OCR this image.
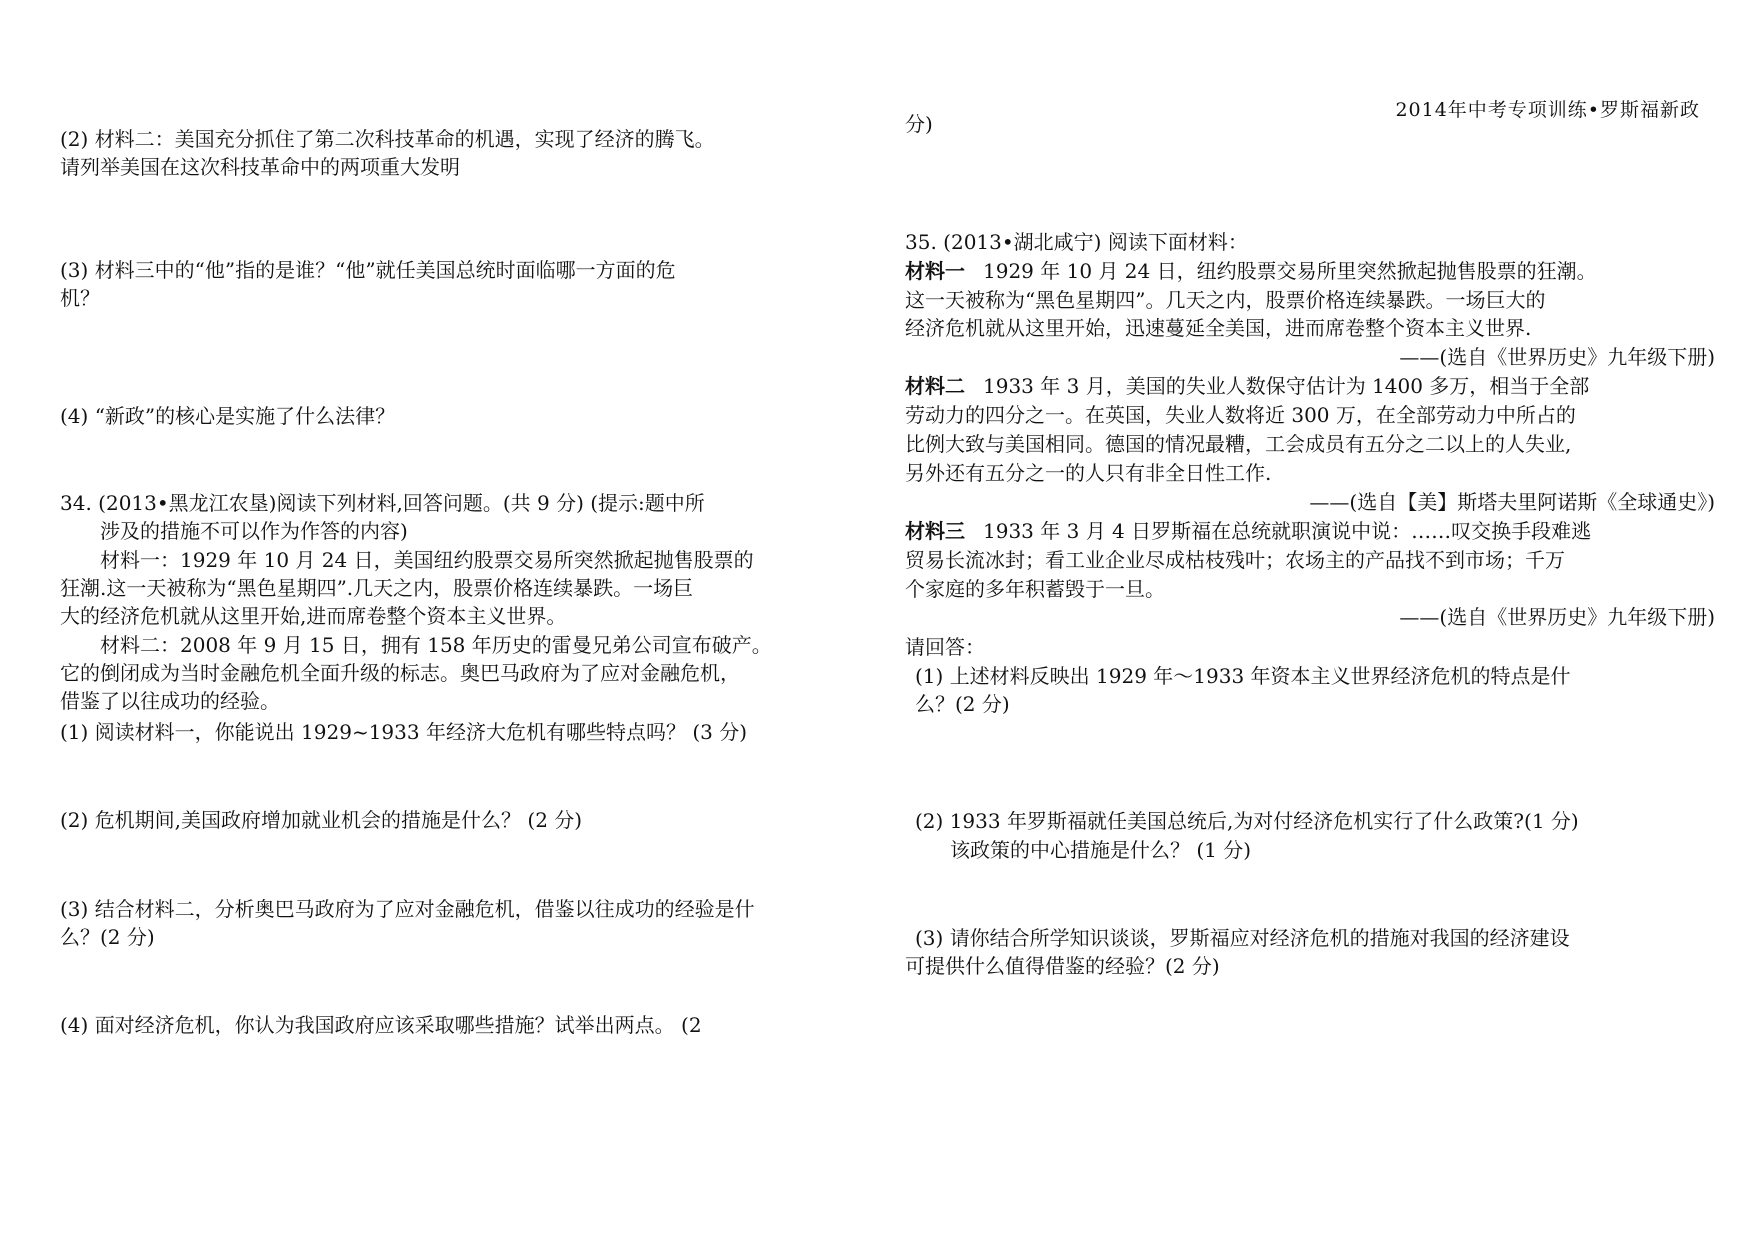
2014年中考专项训练•罗斯福新政
(2) 材料二：美国充分抓住了第二次科技革命的机遇，实现了经济的腾飞。
请列举美国在这次科技革命中的两项重大发明
(3) 材料三中的“他”指的是谁？“他”就任美国总统时面临哪一方面的危
机？
(4) “新政”的核心是实施了什么法律？
34. (2013•黑龙江农垦)阅读下列材料,回答问题。(共 9 分) (提示:题中所
涉及的措施不可以作为作答的内容)
材料一：1929 年 10 月 24 日，美国纽约股票交易所突然掀起抛售股票的
狂潮.这一天被称为“黑色星期四”.几天之内，股票价格连续暴跌。一场巨
大的经济危机就从这里开始,进而席卷整个资本主义世界。
材料二：2008 年 9 月 15 日，拥有 158 年历史的雷曼兄弟公司宣布破产。
它的倒闭成为当时金融危机全面升级的标志。奥巴马政府为了应对金融危机，
借鉴了以往成功的经验。
(1) 阅读材料一，你能说出 1929~1933 年经济大危机有哪些特点吗？ (3 分)
(2) 危机期间,美国政府增加就业机会的措施是什么？ (2 分)
(3) 结合材料二，分析奥巴马政府为了应对金融危机，借鉴以往成功的经验是什
么？(2 分)
(4) 面对经济危机，你认为我国政府应该采取哪些措施？试举出两点。 (2
分)
35. (2013•湖北咸宁) 阅读下面材料：
材料一 1929 年 10 月 24 日，纽约股票交易所里突然掀起抛售股票的狂潮。
这一天被称为“黑色星期四”。几天之内，股票价格连续暴跌。一场巨大的
经济危机就从这里开始，迅速蔓延全美国，进而席卷整个资本主义世界.
——(选自《世界历史》九年级下册)
材料二 1933 年 3 月，美国的失业人数保守估计为 1400 多万，相当于全部
劳动力的四分之一。在英国，失业人数将近 300 万，在全部劳动力中所占的
比例大致与美国相同。德国的情况最糟，工会成员有五分之二以上的人失业,
另外还有五分之一的人只有非全日性工作.
——(选自【美】斯塔夫里阿诺斯《全球通史》)
材料三 1933 年 3 月 4 日罗斯福在总统就职演说中说：……叹交换手段难逃
贸易长流冰封；看工业企业尽成枯枝残叶；农场主的产品找不到市场；千万
个家庭的多年积蓄毁于一旦。
——(选自《世界历史》九年级下册)
请回答：
(1) 上述材料反映出 1929 年～1933 年资本主义世界经济危机的特点是什
么？(2 分)
(2) 1933 年罗斯福就任美国总统后,为对付经济危机实行了什么政策?(1 分)
该政策的中心措施是什么？ (1 分)
(3) 请你结合所学知识谈谈，罗斯福应对经济危机的措施对我国的经济建设
可提供什么值得借鉴的经验？(2 分)
